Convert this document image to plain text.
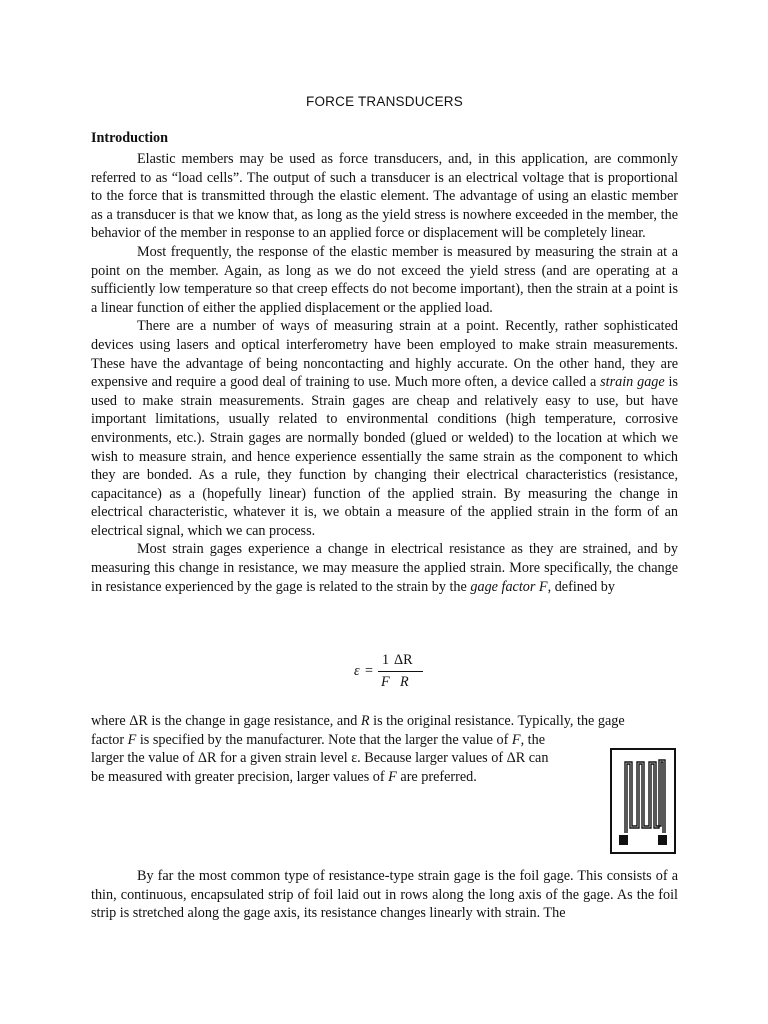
FORCE TRANSDUCERS
Introduction

Elastic members may be used as force transducers, and, in this application, are commonly referred to as “load cells”. The output of such a transducer is an electrical voltage that is proportional to the force that is transmitted through the elastic element. The advantage of using an elastic member as a transducer is that we know that, as long as the yield stress is nowhere exceeded in the member, the behavior of the member in response to an applied force or displacement will be completely linear.

Most frequently, the response of the elastic member is measured by measuring the strain at a point on the member. Again, as long as we do not exceed the yield stress (and are operating at a sufficiently low temperature so that creep effects do not become important), then the strain at a point is a linear function of either the applied displacement or the applied load.

There are a number of ways of measuring strain at a point. Recently, rather sophisticated devices using lasers and optical interferometry have been employed to make strain measurements. These have the advantage of being noncontacting and highly accurate. On the other hand, they are expensive and require a good deal of training to use. Much more often, a device called a strain gage is used to make strain measurements. Strain gages are cheap and relatively easy to use, but have important limitations, usually related to environmental conditions (high temperature, corrosive environments, etc.). Strain gages are normally bonded (glued or welded) to the location at which we wish to measure strain, and hence experience essentially the same strain as the component to which they are bonded. As a rule, they function by changing their electrical characteristics (resistance, capacitance) as a (hopefully linear) function of the applied strain. By measuring the change in electrical characteristic, whatever it is, we obtain a measure of the applied strain in the form of an electrical signal, which we can process.

Most strain gages experience a change in electrical resistance as they are strained, and by measuring this change in resistance, we may measure the applied strain. More specifically, the change in resistance experienced by the gage is related to the strain by the gage factor F, defined by

ε =
1 ΔR
F R
where ΔR is the change in gage resistance, and R is the original resistance. Typically, the gage
factor F is specified by the manufacturer. Note that the larger the value of F, the
larger the value of ΔR for a given strain level ε. Because larger values of ΔR can
be measured with greater precision, larger values of F are preferred.

By far the most common type of resistance-type strain gage is the foil gage. This consists of a thin, continuous, encapsulated strip of foil laid out in rows along the long axis of the gage. As the foil strip is stretched along the gage axis, its resistance changes linearly with strain. The
